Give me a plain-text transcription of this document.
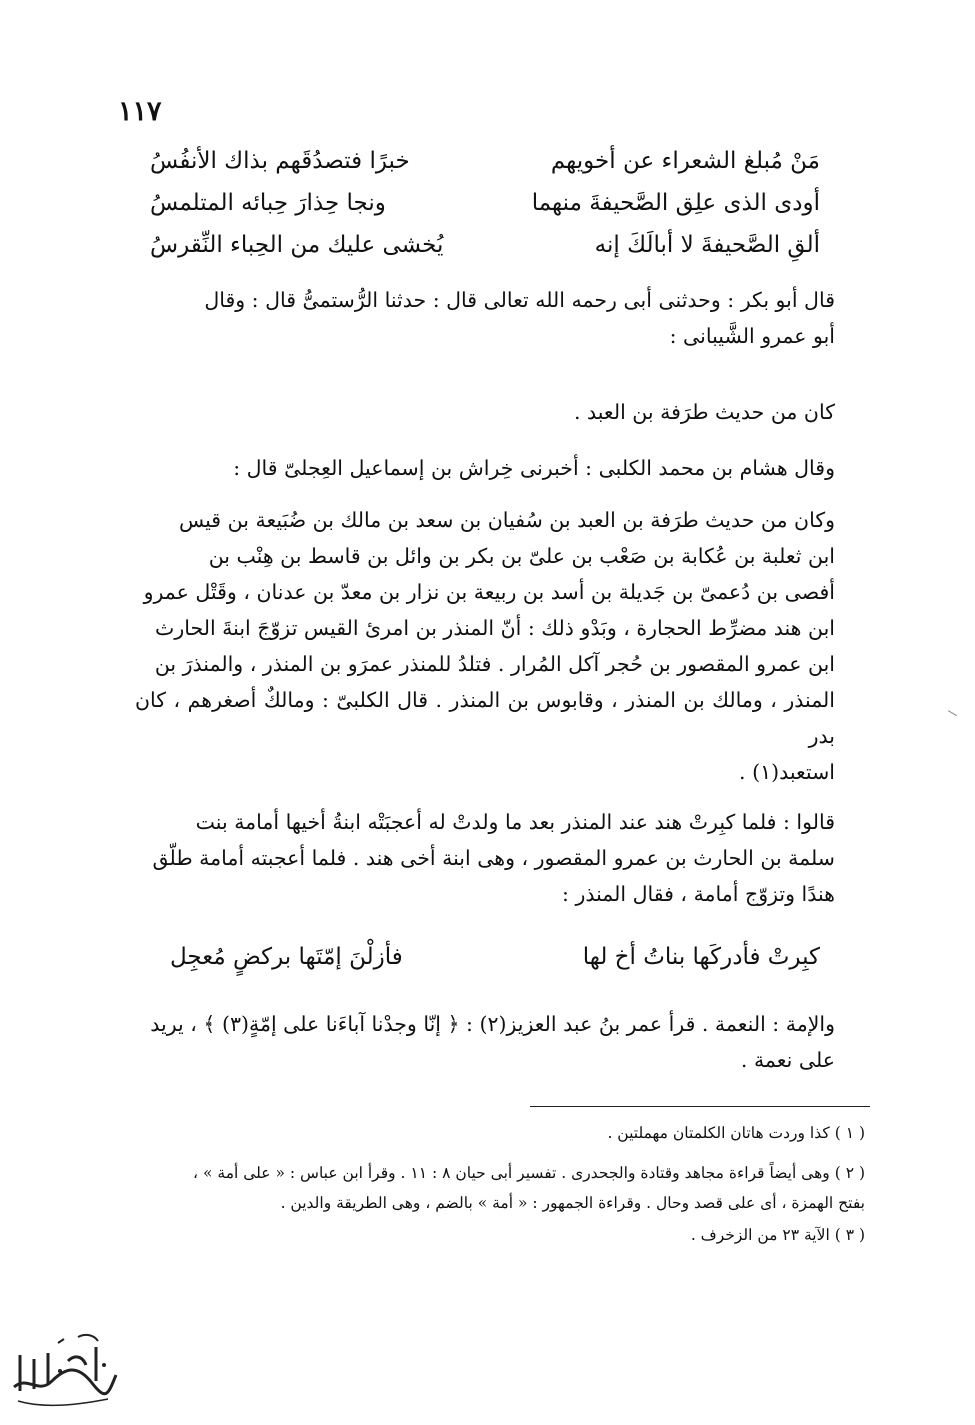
١١٧
مَنْ مُبلغ الشعراء عن أخويهم
خبرًا فتصدُقَهم بذاك الأنفُسُ
أودى الذى علِق الصَّحيفةَ منهما
ونجا حِذارَ حِبائه المتلمسُ
ألقِ الصَّحيفةَ لا أبالَكَ إنه
يُخشى عليك من الحِباء النِّقرسُ

قال أبو بكر : وحدثنى أبى رحمه الله تعالى قال : حدثنا الرُّستمىُّ قال : وقال

أبو عمرو الشَّيبانى :

كان من حديث طرَفة بن العبد .

وقال هشام بن محمد الكلبى : أخبرنى خِراش بن إسماعيل العِجلىّ قال :

وكان من حديث طرَفة بن العبد بن سُفيان بن سعد بن مالك بن ضُبَيعة بن قيس

ابن ثعلبة بن عُكابة بن صَعْب بن علىّ بن بكر بن وائل بن قاسط بن هِنْب بن

أفصى بن دُعمىّ بن جَديلة بن أسد بن ربيعة بن نزار بن معدّ بن عدنان ، وقَتْل عمرو

ابن هند مضرِّط الحجارة ، وبَدْو ذلك : أنّ المنذر بن امرئ القيس تزوّجَ ابنةَ الحارث

ابن عمرو المقصور بن حُجر آكل المُرار . فتلدُ للمنذر عمرَو بن المنذر ، والمنذرَ بن

المنذر ، ومالك بن المنذر ، وقابوس بن المنذر . قال الكلبىّ : ومالكٌ أصغرهم ، كان بدر

استعبد(١) .

قالوا : فلما كبِرتْ هند عند المنذر بعد ما ولدتْ له أعجبَتْه ابنةُ أخيها أمامة بنت

سلمة بن الحارث بن عمرو المقصور ، وهى ابنة أخى هند . فلما أعجبته أمامة طلّق

هندًا وتزوّج أمامة ، فقال المنذر :

كبِرتْ فأدركَها بناتُ أخ لها
فأزلْنَ إمّتَها بركضٍ مُعجِل

والإمة : النعمة . قرأ عمر بنُ عبد العزيز(٢) : ﴿ إنّا وجدْنا آباءَنا على إمّةٍ(٣) ﴾ ، يريد

على نعمة .

( ١ ) كذا وردت هاتان الكلمتان مهملتين .

( ٢ ) وهى أيضاً قراءة مجاهد وقتادة والجحدرى . تفسير أبى حيان ٨ : ١١ . وقرأ ابن عباس : « على أمة » ،

بفتح الهمزة ، أى على قصد وحال . وقراءة الجمهور : « أمة » بالضم ، وهى الطريقة والدين .

( ٣ ) الآية ٢٣ من الزخرف .
